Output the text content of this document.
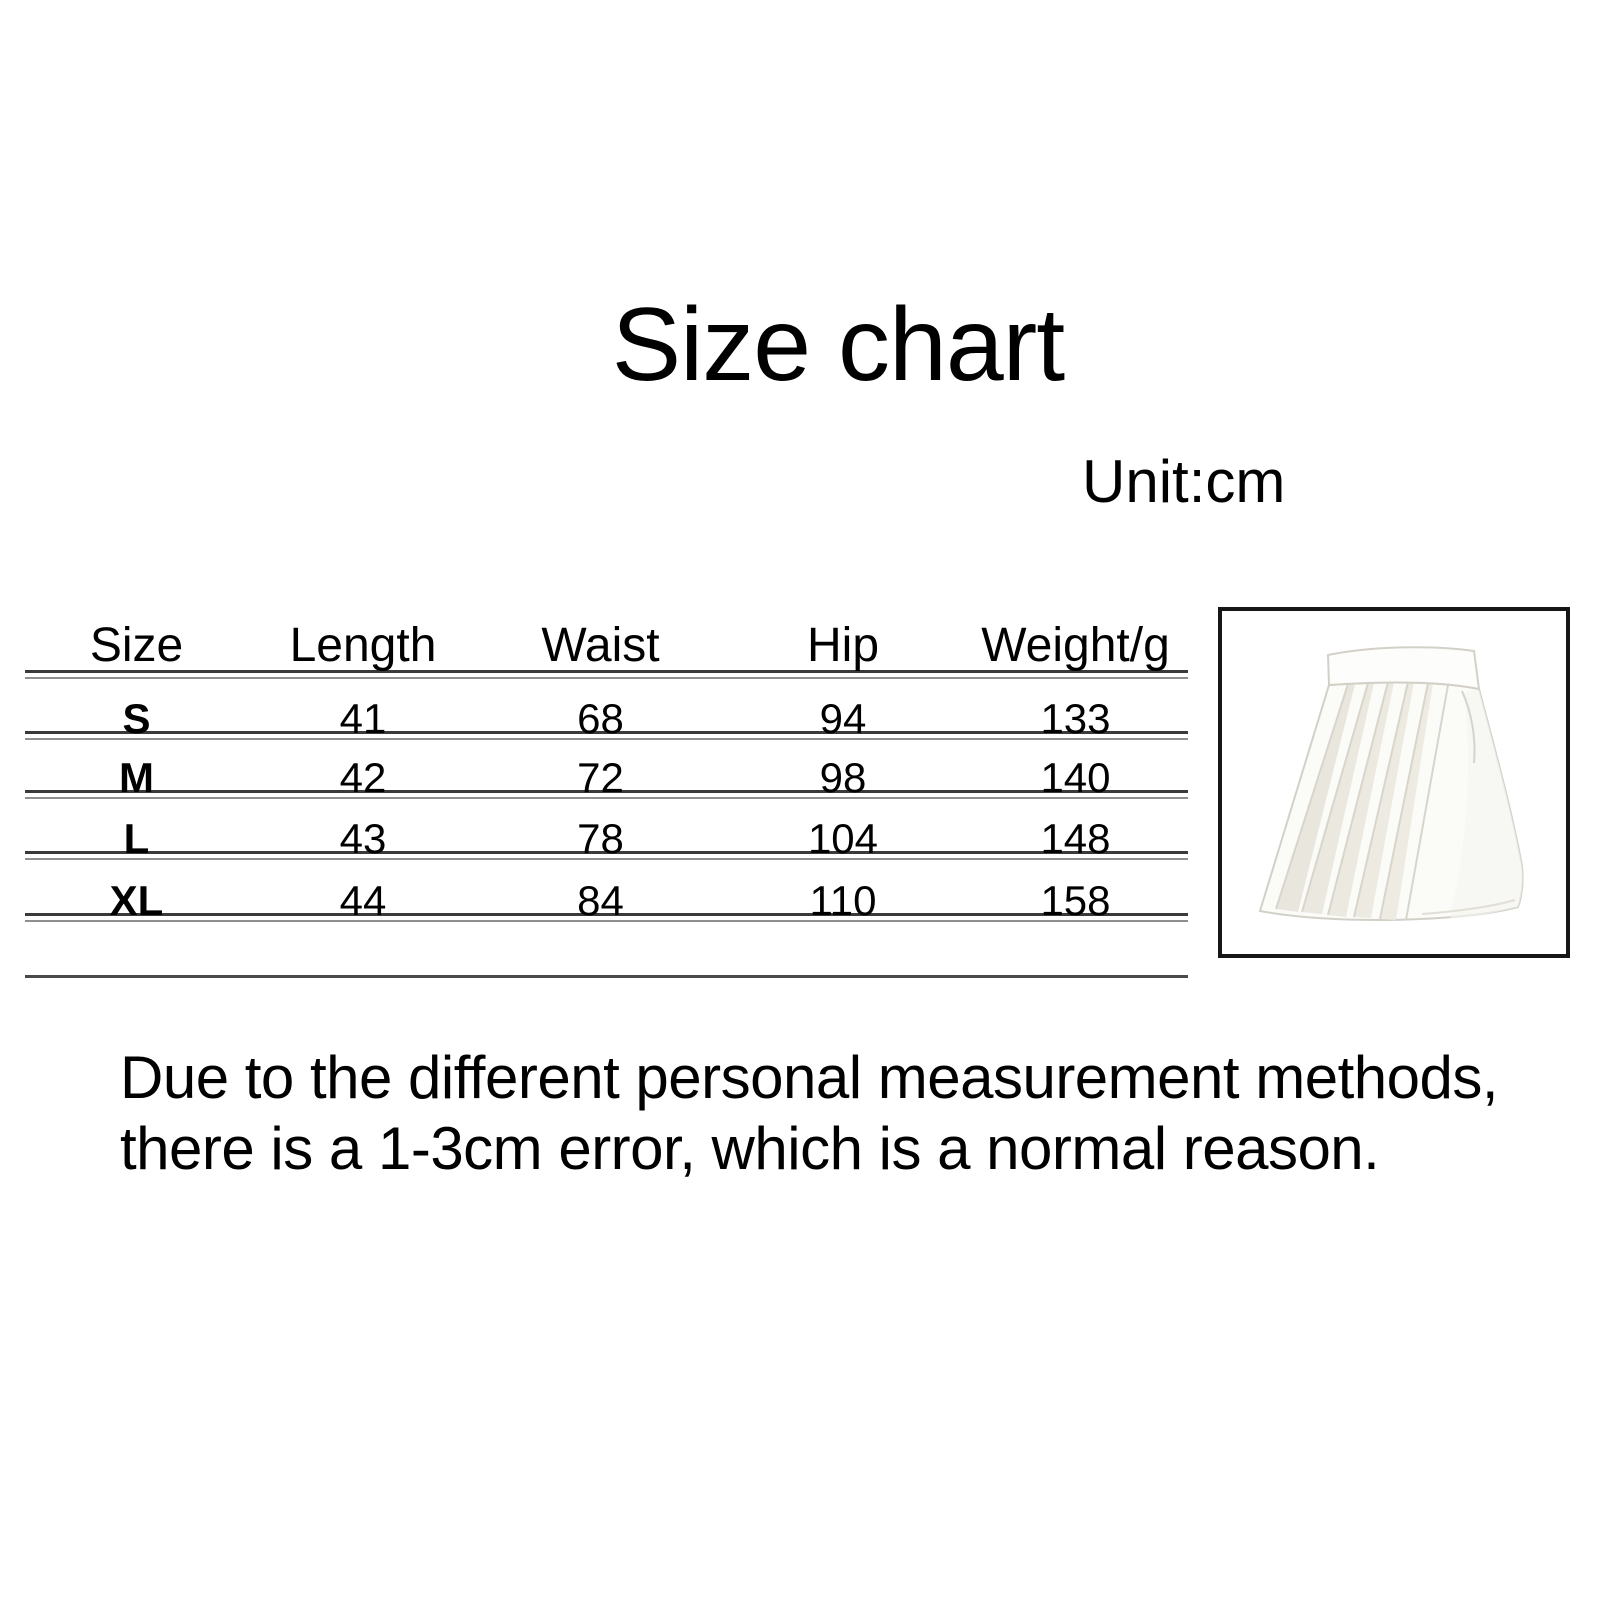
Size chart
Unit:cm
Size	Length	Waist	Hip	Weight/g
S	41	68	94	133
M	42	72	98	140
L	43	78	104	148
XL	44	84	110	158
Due to the different personal measurement methods,
there is a 1-3cm error, which is a normal reason.
